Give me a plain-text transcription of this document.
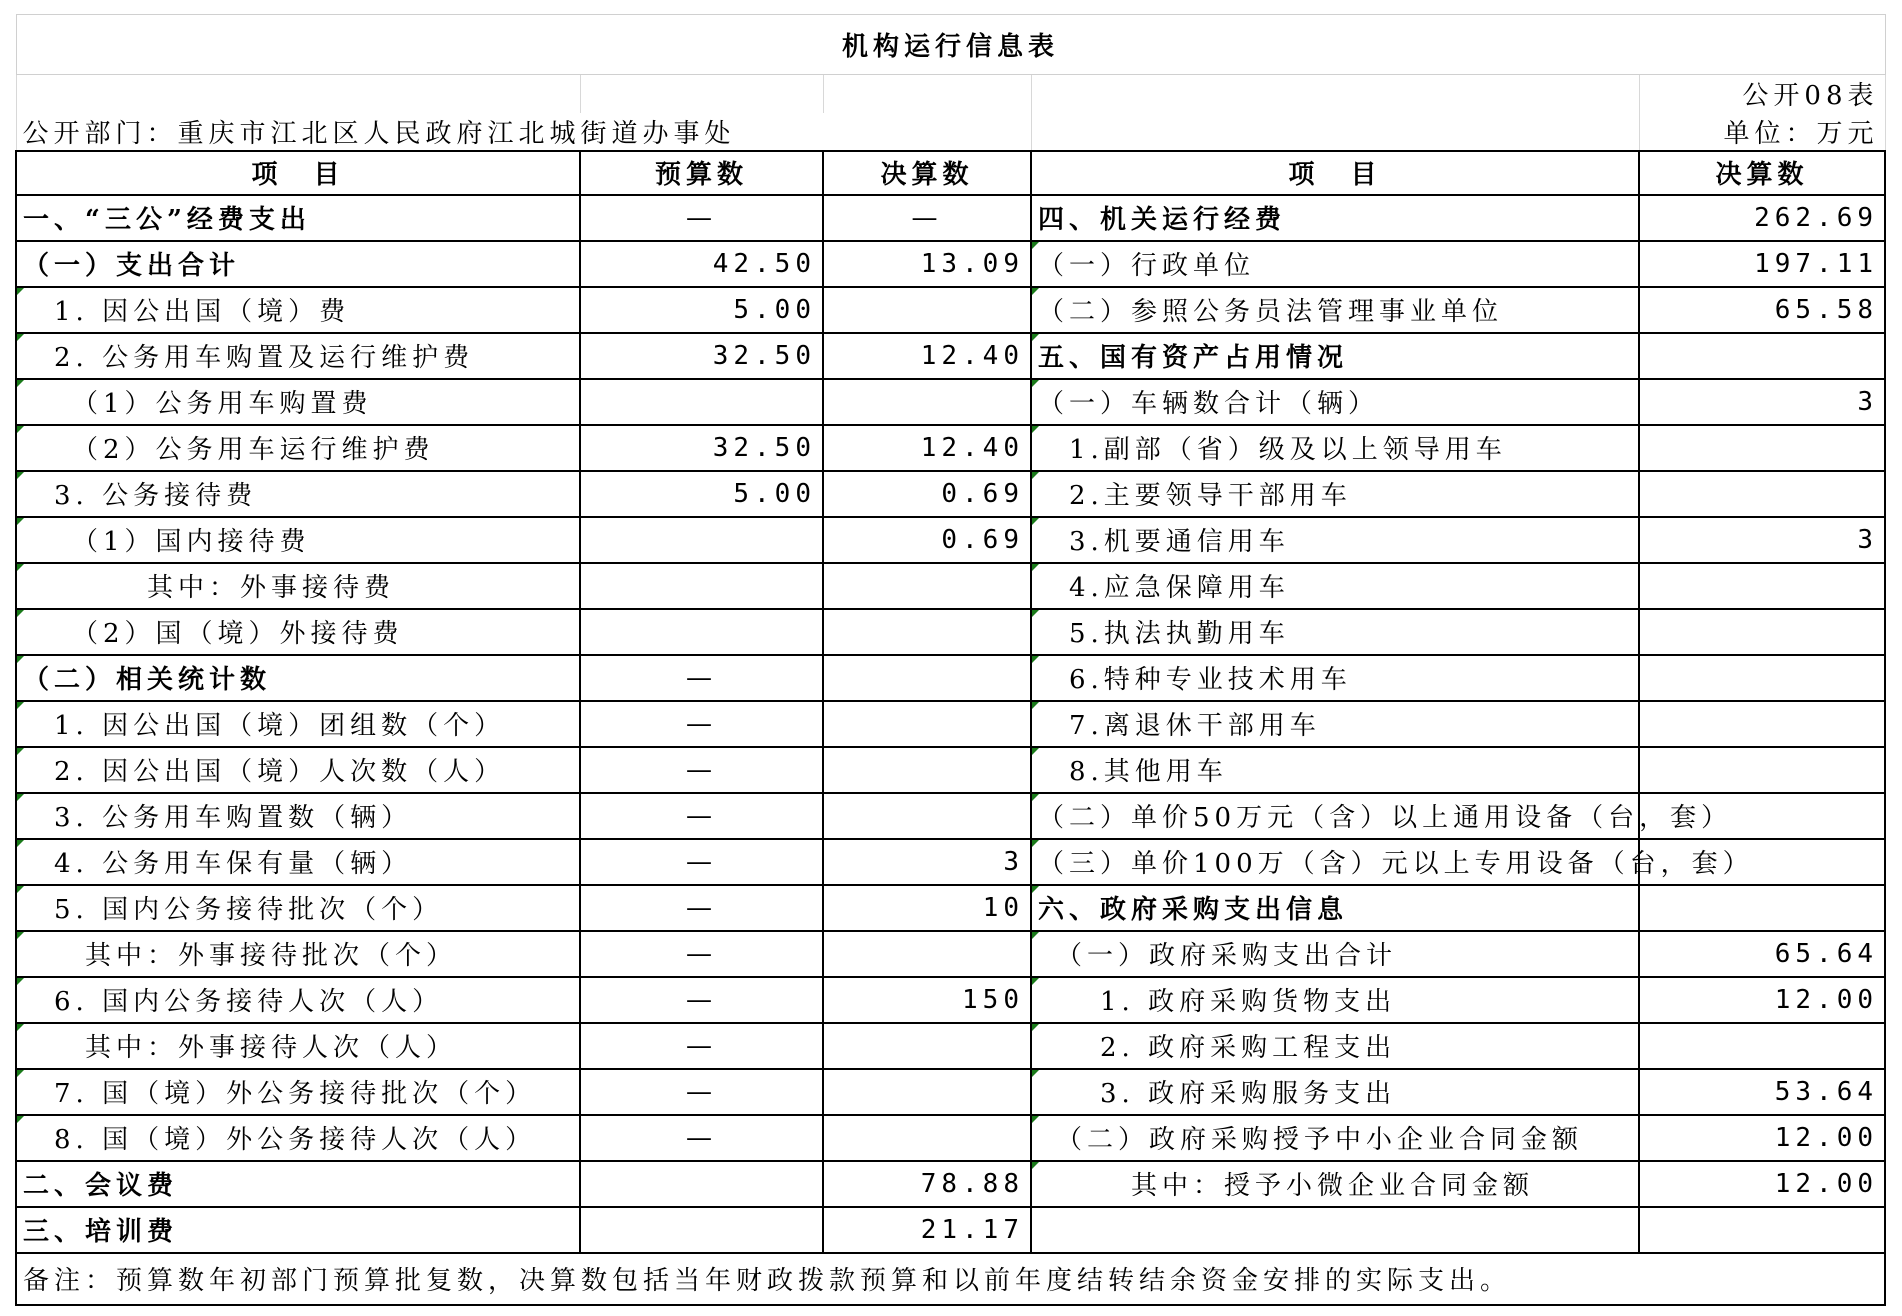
机构运行信息表				
				公开08表
公开部门：重庆市江北区人民政府江北城街道办事处				单位：万元
项　目	预算数	决算数	项　目	决算数
一、“三公”经费支出	—	—	四、机关运行经费	262.69
（一）支出合计	42.50	13.09	（一）行政单位	197.11
　1. 因公出国（境）费	5.00		（二）参照公务员法管理事业单位	65.58
　2. 公务用车购置及运行维护费	32.50	12.40	五、国有资产占用情况	
　　（1）公务用车购置费			（一）车辆数合计（辆）	3
　　（2）公务用车运行维护费	32.50	12.40	　1.副部（省）级及以上领导用车	
　3. 公务接待费	5.00	0.69	　2.主要领导干部用车	
　　（1）国内接待费		0.69	　3.机要通信用车	3
　　　　其中：外事接待费			　4.应急保障用车	
　　（2）国（境）外接待费			　5.执法执勤用车	
（二）相关统计数	—		　6.特种专业技术用车	
　1. 因公出国（境）团组数（个）	—		　7.离退休干部用车	
　2. 因公出国（境）人次数（人）	—		　8.其他用车	
　3. 公务用车购置数（辆）	—		（二）单价50万元（含）以上通用设备（台，套）	
　4. 公务用车保有量（辆）	—	3	（三）单价100万（含）元以上专用设备（台，套）	
　5. 国内公务接待批次（个）	—	10	六、政府采购支出信息	
　　其中：外事接待批次（个）	—		　（一）政府采购支出合计	65.64
　6. 国内公务接待人次（人）	—	150	　　1. 政府采购货物支出	12.00
　　其中：外事接待人次（人）	—		　　2. 政府采购工程支出	
　7. 国（境）外公务接待批次（个）	—		　　3. 政府采购服务支出	53.64
　8. 国（境）外公务接待人次（人）	—		　（二）政府采购授予中小企业合同金额	12.00
二、会议费		78.88	　　　其中：授予小微企业合同金额	12.00
三、培训费		21.17		
备注：预算数年初部门预算批复数，决算数包括当年财政拨款预算和以前年度结转结余资金安排的实际支出。				
